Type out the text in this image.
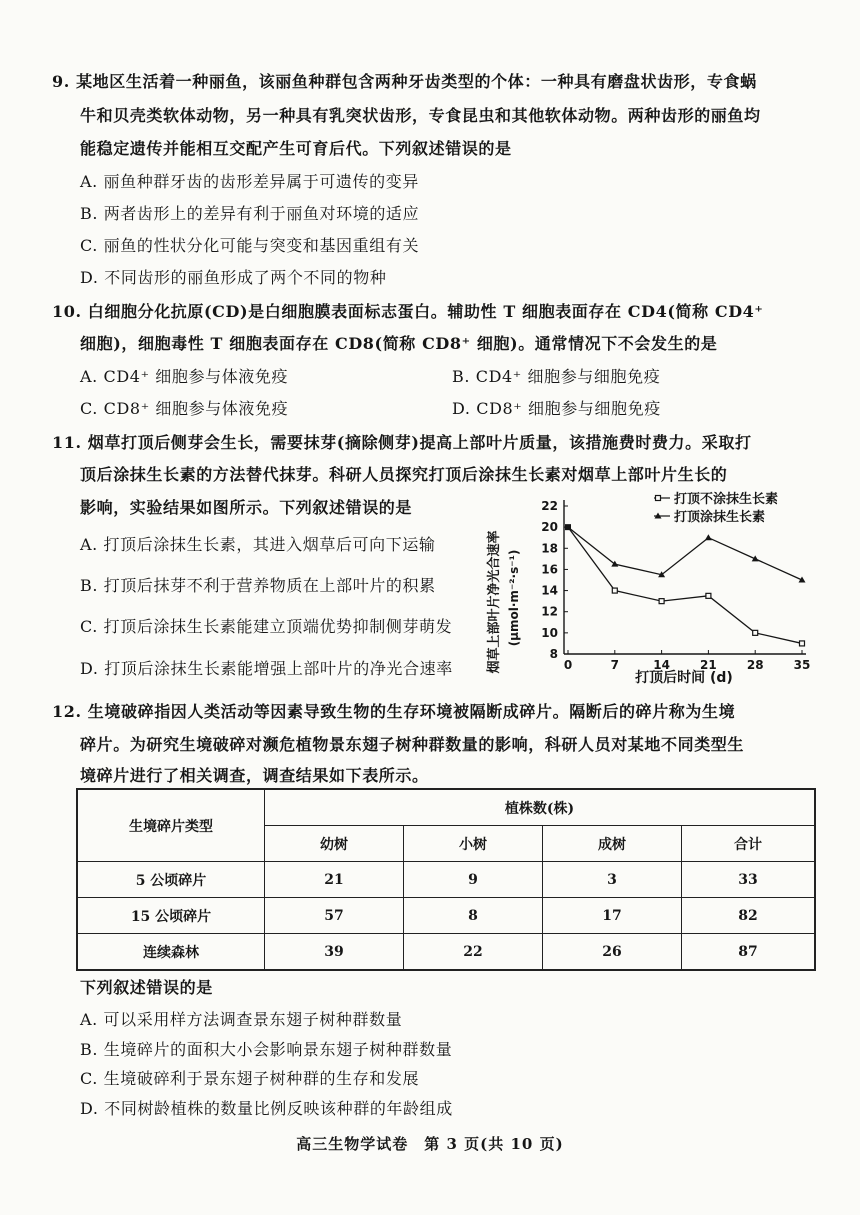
9. 某地区生活着一种丽鱼，该丽鱼种群包含两种牙齿类型的个体：一种具有磨盘状齿形，专食蜗
牛和贝壳类软体动物，另一种具有乳突状齿形，专食昆虫和其他软体动物。两种齿形的丽鱼均
能稳定遗传并能相互交配产生可育后代。下列叙述错误的是
A. 丽鱼种群牙齿的齿形差异属于可遗传的变异
B. 两者齿形上的差异有利于丽鱼对环境的适应
C. 丽鱼的性状分化可能与突变和基因重组有关
D. 不同齿形的丽鱼形成了两个不同的物种
10. 白细胞分化抗原(CD)是白细胞膜表面标志蛋白。辅助性 T 细胞表面存在 CD4(简称 CD4⁺
细胞)，细胞毒性 T 细胞表面存在 CD8(简称 CD8⁺ 细胞)。通常情况下不会发生的是
A. CD4⁺ 细胞参与体液免疫	B. CD4⁺ 细胞参与细胞免疫
C. CD8⁺ 细胞参与体液免疫	D. CD8⁺ 细胞参与细胞免疫
11. 烟草打顶后侧芽会生长，需要抹芽(摘除侧芽)提高上部叶片质量，该措施费时费力。采取打
顶后涂抹生长素的方法替代抹芽。科研人员探究打顶后涂抹生长素对烟草上部叶片生长的
影响，实验结果如图所示。下列叙述错误的是
A. 打顶后涂抹生长素，其进入烟草后可向下运输
B. 打顶后抹芽不利于营养物质在上部叶片的积累
C. 打顶后涂抹生长素能建立顶端优势抑制侧芽萌发
D. 打顶后涂抹生长素能增强上部叶片的净光合速率	烟草上部叶片净光合速率 (μmol·m⁻²·s⁻¹)
8
10
12
14
16
18
20
22
0	7	14	21	28	35
打顶不涂抹生长素
打顶涂抹生长素
打顶后时间 (d)
12. 生境破碎指因人类活动等因素导致生物的生存环境被隔断成碎片。隔断后的碎片称为生境
碎片。为研究生境破碎对濒危植物景东翅子树种群数量的影响，科研人员对某地不同类型生
境碎片进行了相关调查，调查结果如下表所示。
生境碎片类型	植株数(株)			
	幼树	小树	成树	合计
5 公顷碎片	21	9	3	33
15 公顷碎片	57	8	17	82
连续森林	39	22	26	87
下列叙述错误的是
A. 可以采用样方法调查景东翅子树种群数量
B. 生境碎片的面积大小会影响景东翅子树种群数量
C. 生境破碎利于景东翅子树种群的生存和发展
D. 不同树龄植株的数量比例反映该种群的年龄组成
高三生物学试卷　第 3 页(共 10 页)
